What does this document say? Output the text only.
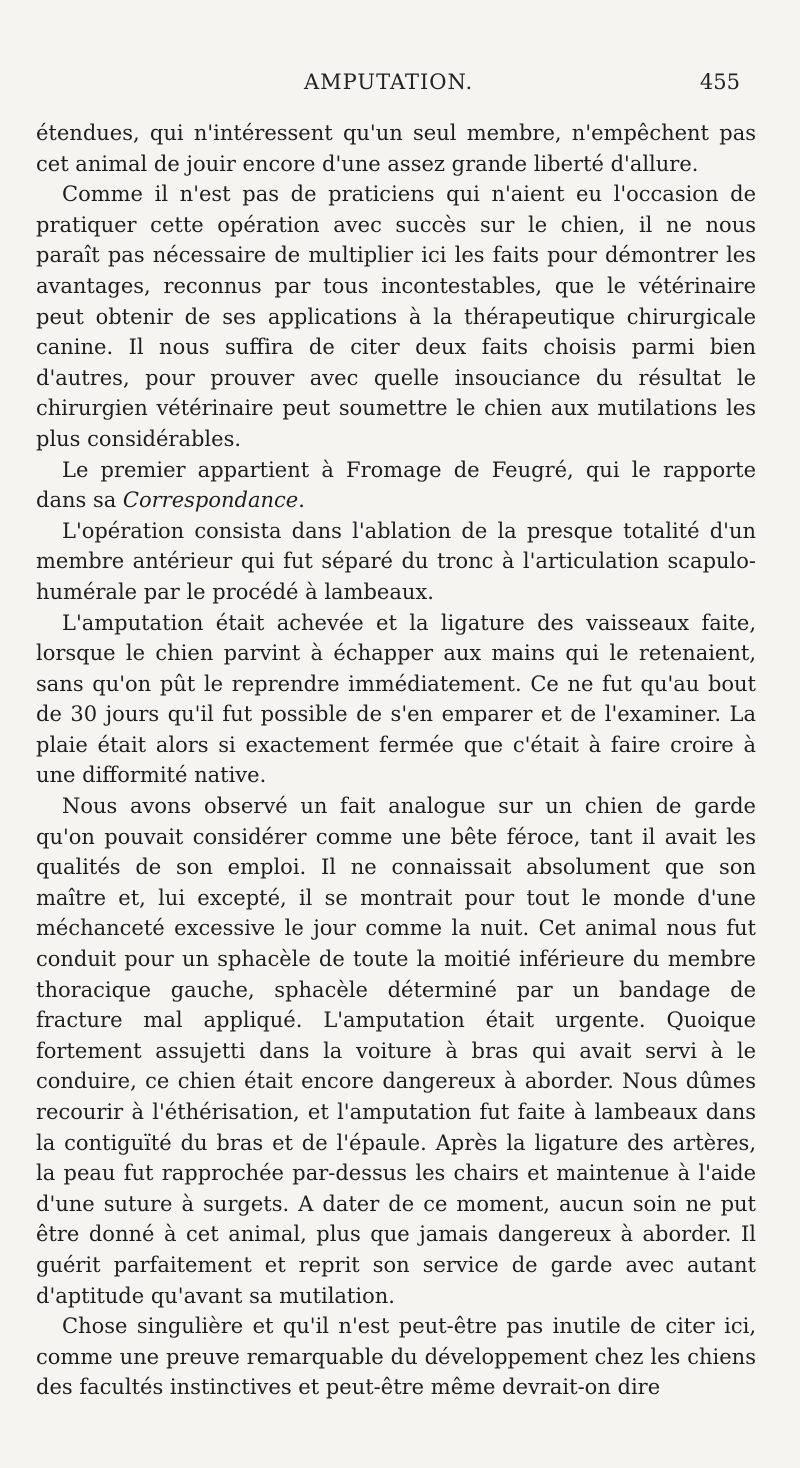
AMPUTATION.	455

étendues, qui n'intéressent qu'un seul membre, n'empêchent pas cet animal de jouir encore d'une assez grande liberté d'allure.

Comme il n'est pas de praticiens qui n'aient eu l'occasion de pratiquer cette opération avec succès sur le chien, il ne nous paraît pas nécessaire de multiplier ici les faits pour démontrer les avantages, reconnus par tous incontestables, que le vétérinaire peut obtenir de ses applications à la thérapeutique chirurgicale canine. Il nous suffira de citer deux faits choisis parmi bien d'autres, pour prouver avec quelle insouciance du résultat le chirurgien vétérinaire peut soumettre le chien aux mutilations les plus considérables.

Le premier appartient à Fromage de Feugré, qui le rapporte dans sa Correspondance.

L'opération consista dans l'ablation de la presque totalité d'un membre antérieur qui fut séparé du tronc à l'articulation scapulo-humérale par le procédé à lambeaux.

L'amputation était achevée et la ligature des vaisseaux faite, lorsque le chien parvint à échapper aux mains qui le retenaient, sans qu'on pût le reprendre immédiatement. Ce ne fut qu'au bout de 30 jours qu'il fut possible de s'en emparer et de l'examiner. La plaie était alors si exactement fermée que c'était à faire croire à une difformité native.

Nous avons observé un fait analogue sur un chien de garde qu'on pouvait considérer comme une bête féroce, tant il avait les qualités de son emploi. Il ne connaissait absolument que son maître et, lui excepté, il se montrait pour tout le monde d'une méchanceté excessive le jour comme la nuit. Cet animal nous fut conduit pour un sphacèle de toute la moitié inférieure du membre thoracique gauche, sphacèle déterminé par un bandage de fracture mal appliqué. L'amputation était urgente. Quoique fortement assujetti dans la voiture à bras qui avait servi à le conduire, ce chien était encore dangereux à aborder. Nous dûmes recourir à l'éthérisation, et l'amputation fut faite à lambeaux dans la contiguïté du bras et de l'épaule. Après la ligature des artères, la peau fut rapprochée par-dessus les chairs et maintenue à l'aide d'une suture à surgets. A dater de ce moment, aucun soin ne put être donné à cet animal, plus que jamais dangereux à aborder. Il guérit parfaitement et reprit son service de garde avec autant d'aptitude qu'avant sa mutilation.

Chose singulière et qu'il n'est peut-être pas inutile de citer ici, comme une preuve remarquable du développement chez les chiens des facultés instinctives et peut-être même devrait-on dire
